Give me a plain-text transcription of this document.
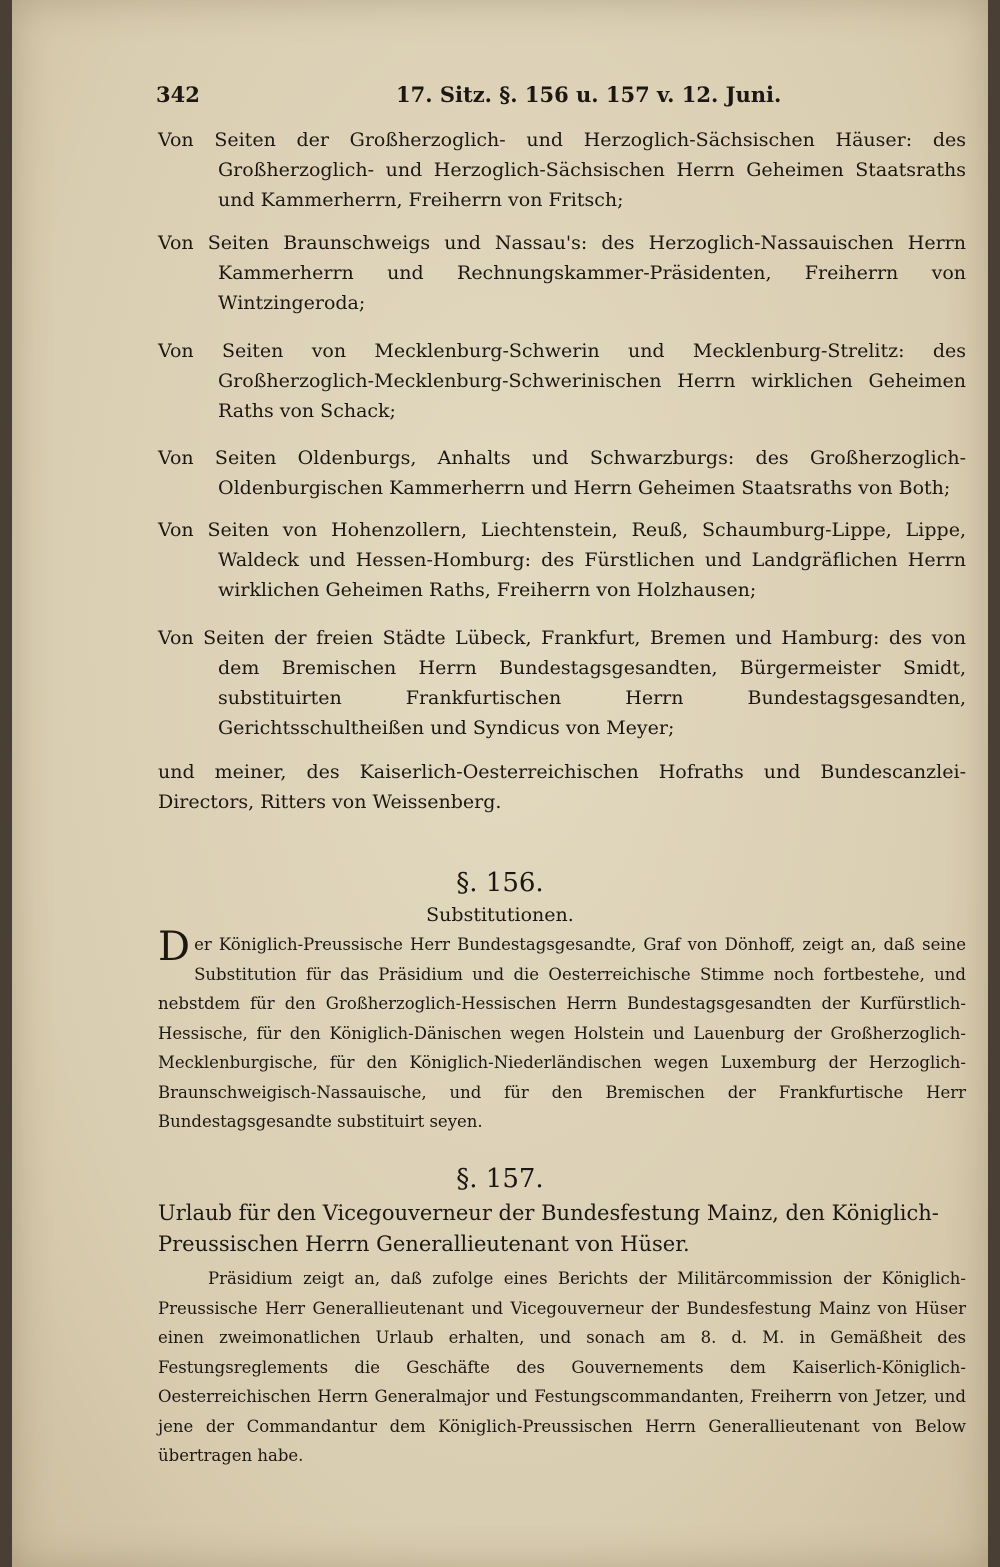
342	17. Sitz. §. 156 u. 157 v. 12. Juni.
Von Seiten der Großherzoglich- und Herzoglich-Sächsischen Häuser: des Großherzoglich- und Herzoglich-Sächsischen Herrn Geheimen Staatsraths und Kammerherrn, Freiherrn von Fritsch;
Von Seiten Braunschweigs und Nassau's: des Herzoglich-Nassauischen Herrn Kammerherrn und Rechnungskammer-Präsidenten, Freiherrn von Wintzingeroda;
Von Seiten von Mecklenburg-Schwerin und Mecklenburg-Strelitz: des Großherzoglich-Mecklenburg-Schwerinischen Herrn wirklichen Geheimen Raths von Schack;
Von Seiten Oldenburgs, Anhalts und Schwarzburgs: des Großherzoglich-Oldenburgischen Kammerherrn und Herrn Geheimen Staatsraths von Both;
Von Seiten von Hohenzollern, Liechtenstein, Reuß, Schaumburg-Lippe, Lippe, Waldeck und Hessen-Homburg: des Fürstlichen und Landgräflichen Herrn wirklichen Geheimen Raths, Freiherrn von Holzhausen;
Von Seiten der freien Städte Lübeck, Frankfurt, Bremen und Hamburg: des von dem Bremischen Herrn Bundestagsgesandten, Bürgermeister Smidt, substituirten Frankfurtischen Herrn Bundestagsgesandten, Gerichtsschultheißen und Syndicus von Meyer;
und meiner, des Kaiserlich-Oesterreichischen Hofraths und Bundescanzlei-Directors, Ritters von Weissenberg.
§. 156.
Substitutionen.
Der Königlich-Preussische Herr Bundestagsgesandte, Graf von Dönhoff, zeigt an, daß seine Substitution für das Präsidium und die Oesterreichische Stimme noch fortbestehe, und nebstdem für den Großherzoglich-Hessischen Herrn Bundestagsgesandten der Kurfürstlich-Hessische, für den Königlich-Dänischen wegen Holstein und Lauenburg der Großherzoglich-Mecklenburgische, für den Königlich-Niederländischen wegen Luxemburg der Herzoglich-Braunschweigisch-Nassauische, und für den Bremischen der Frankfurtische Herr Bundestagsgesandte substituirt seyen.
§. 157.
Urlaub für den Vicegouverneur der Bundesfestung Mainz, den Königlich-Preussischen Herrn Generallieutenant von Hüser.
Präsidium zeigt an, daß zufolge eines Berichts der Militärcommission der Königlich-Preussische Herr Generallieutenant und Vicegouverneur der Bundesfestung Mainz von Hüser einen zweimonatlichen Urlaub erhalten, und sonach am 8. d. M. in Gemäßheit des Festungsreglements die Geschäfte des Gouvernements dem Kaiserlich-Königlich-Oesterreichischen Herrn Generalmajor und Festungscommandanten, Freiherrn von Jetzer, und jene der Commandantur dem Königlich-Preussischen Herrn Generallieutenant von Below übertragen habe.
